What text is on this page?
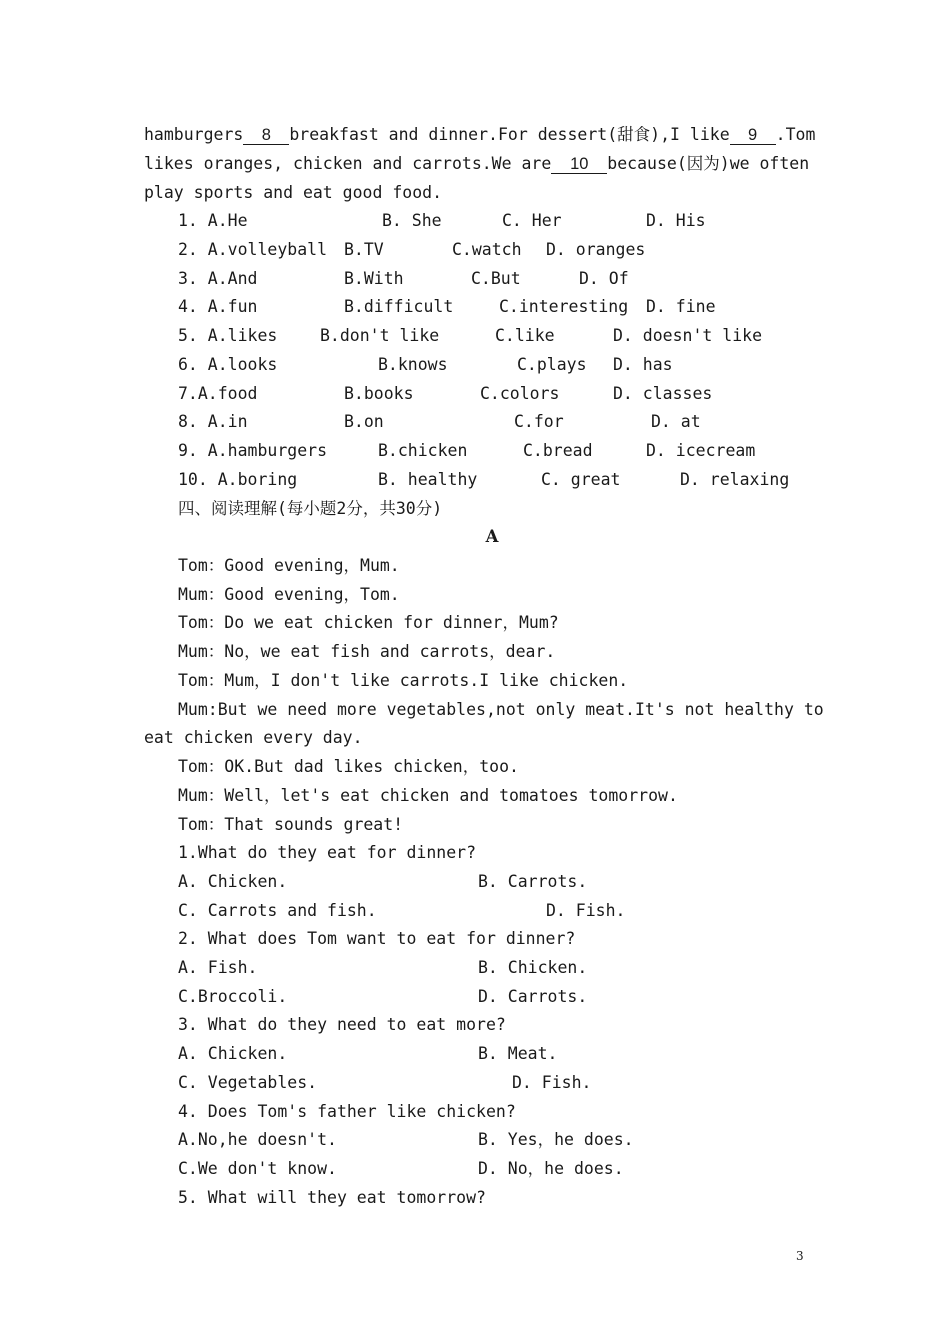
hamburgers 8 breakfast and dinner.For dessert(甜食),I like 9 .Tom
likes oranges, chicken and carrots.We are 10 because(因为)we often
play sports and eat good food.

1. A.He

	B. She

	C. Her

	D. His

2. A.volleyball

B.TV

	C.watch

D. oranges

3. A.And

	B.With

	C.But

	D. Of

4. A.fun

	B.difficult

	C.interesting

D. fine

5. A.likes

	B.don't like

	C.like

	D. doesn't like

6. A.looks

	B.knows

	C.plays

D. has

7.A.food

	B.books

	C.colors

	D. classes

8. A.in

	B.on

	C.for

	D. at

9. A.hamburgers

	B.chicken

	C.bread

	D. icecream

10. A.boring

	B. healthy

	C. great

	D. relaxing

四、阅读理解(每小题2分，共30分)
A
Tom：Good evening，Mum.
Mum：Good evening，Tom.
Tom：Do we eat chicken for dinner，Mum?
Mum：No，we eat fish and carrots，dear.
Tom：Mum，I don't like carrots.I like chicken.
Mum:But we need more vegetables,not only meat.It's not healthy to
eat chicken every day.
Tom：OK.But dad likes chicken，too.
Mum：Well，let's eat chicken and tomatoes tomorrow.
Tom：That sounds great!
1.What do they eat for dinner?

A. Chicken.

	B. Carrots.

C. Carrots and fish.

	D. Fish.

2. What does Tom want to eat for dinner?

A. Fish.

	B. Chicken.

C.Broccoli.

	D. Carrots.

3. What do they need to eat more?

A. Chicken.

	B. Meat.

C. Vegetables.

	D. Fish.

4. Does Tom's father like chicken?

A.No,he doesn't.

	B. Yes，he does.

C.We don't know.

	D. No，he does.

5. What will they eat tomorrow?
3
